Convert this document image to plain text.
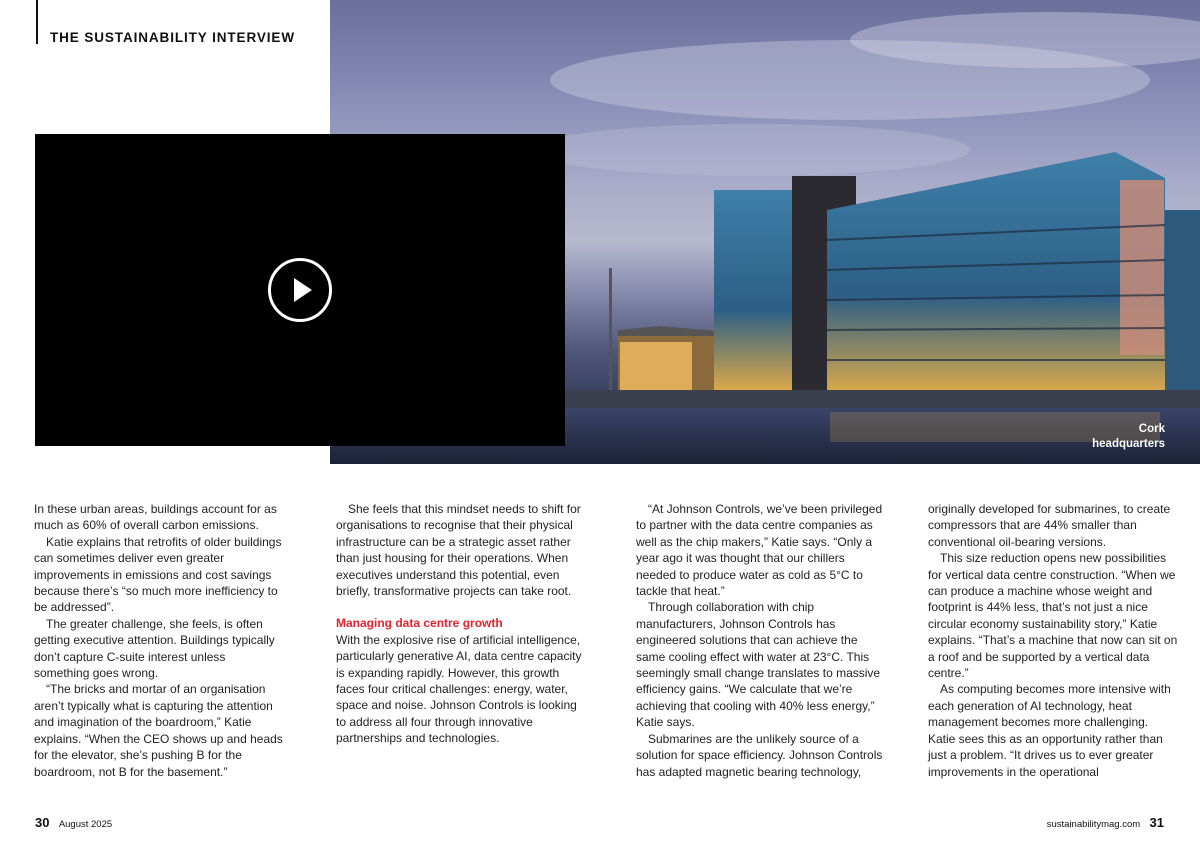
THE SUSTAINABILITY INTERVIEW
Cork
headquarters

In these urban areas, buildings account for as much as 60% of overall carbon emissions.

Katie explains that retrofits of older buildings can sometimes deliver even greater improvements in emissions and cost savings because there’s “so much more inefficiency to be addressed”.

The greater challenge, she feels, is often getting executive attention. Buildings typically don’t capture C-suite interest unless something goes wrong.

“The bricks and mortar of an organisation aren’t typically what is capturing the attention and imagination of the boardroom,” Katie explains. “When the CEO shows up and heads for the elevator, she’s pushing B for the boardroom, not B for the basement.”

She feels that this mindset needs to shift for organisations to recognise that their physical infrastructure can be a strategic asset rather than just housing for their operations. When executives understand this potential, even briefly, transformative projects can take root.

Managing data centre growth

With the explosive rise of artificial intelligence, particularly generative AI, data centre capacity is expanding rapidly. However, this growth faces four critical challenges: energy, water, space and noise. Johnson Controls is looking to address all four through innovative partnerships and technologies.

“At Johnson Controls, we’ve been privileged to partner with the data centre companies as well as the chip makers,” Katie says. “Only a year ago it was thought that our chillers needed to produce water as cold as 5°C to tackle that heat.”

Through collaboration with chip manufacturers, Johnson Controls has engineered solutions that can achieve the same cooling effect with water at 23°C. This seemingly small change translates to massive efficiency gains. “We calculate that we’re achieving that cooling with 40% less energy,” Katie says.

Submarines are the unlikely source of a solution for space efficiency. Johnson Controls has adapted magnetic bearing technology,

originally developed for submarines, to create compressors that are 44% smaller than conventional oil-bearing versions.

This size reduction opens new possibilities for vertical data centre construction. “When we can produce a machine whose weight and footprint is 44% less, that’s not just a nice circular economy sustainability story,” Katie explains. “That’s a machine that now can sit on a roof and be supported by a vertical data centre.”

As computing becomes more intensive with each generation of AI technology, heat management becomes more challenging. Katie sees this as an opportunity rather than just a problem. “It drives us to ever greater improvements in the operational

30 August 2025	sustainabilitymag.com 31
